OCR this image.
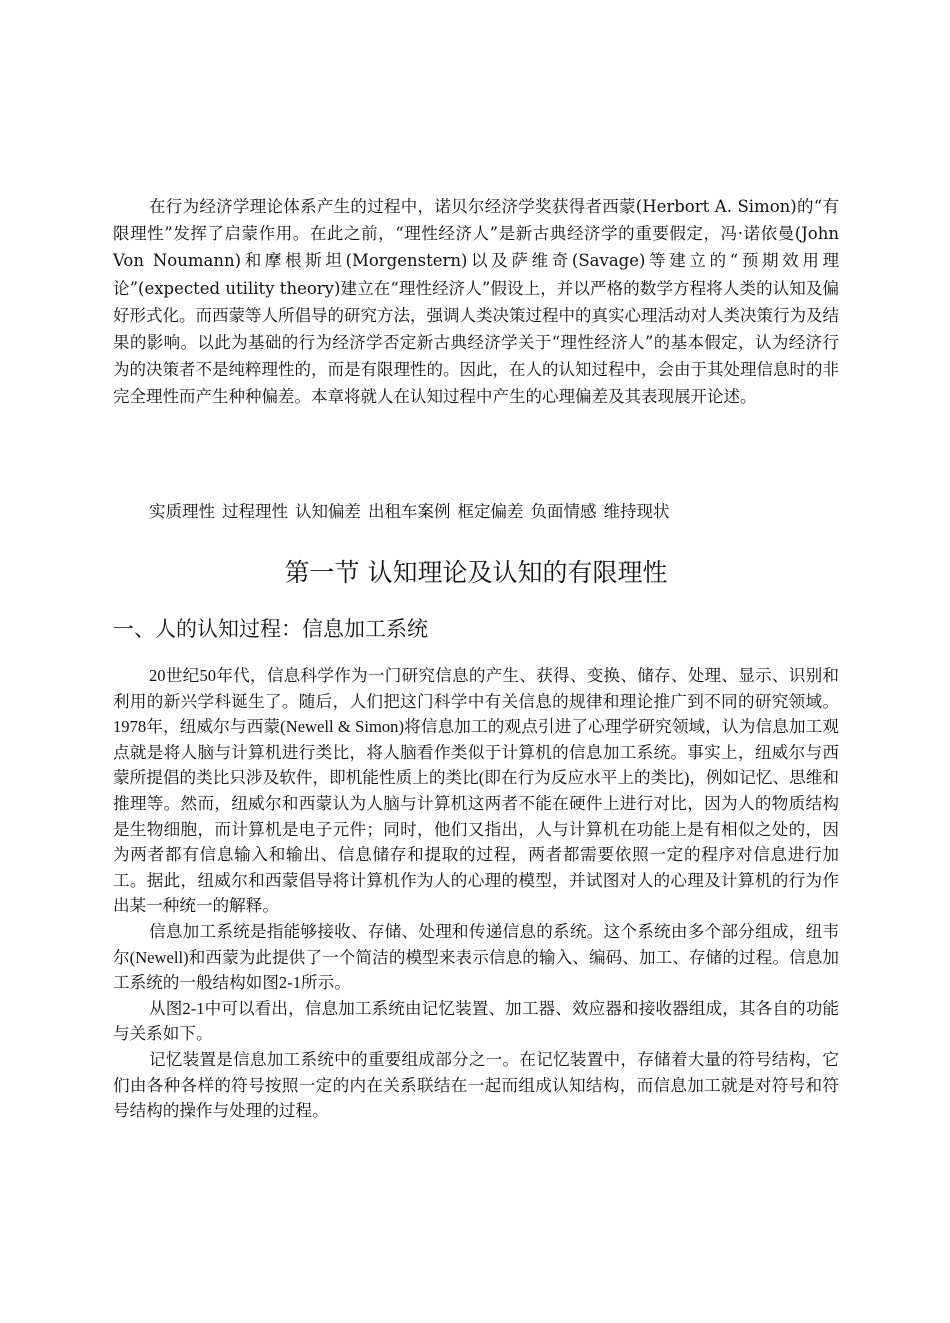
在行为经济学理论体系产生的过程中，诺贝尔经济学奖获得者西蒙(Herbort A. Simon)的“有限理性”发挥了启蒙作用。在此之前，“理性经济人”是新古典经济学的重要假定，冯·诺依曼(John Von Noumann)和摩根斯坦(Morgenstern)以及萨维奇(Savage)等建立的“预期效用理论”(expected utility theory)建立在“理性经济人”假设上，并以严格的数学方程将人类的认知及偏好形式化。而西蒙等人所倡导的研究方法，强调人类决策过程中的真实心理活动对人类决策行为及结果的影响。以此为基础的行为经济学否定新古典经济学关于“理性经济人”的基本假定，认为经济行为的决策者不是纯粹理性的，而是有限理性的。因此，在人的认知过程中，会由于其处理信息时的非完全理性而产生种种偏差。本章将就人在认知过程中产生的心理偏差及其表现展开论述。

实质理性 过程理性 认知偏差 出租车案例 框定偏差 负面情感 维持现状
第一节 认知理论及认知的有限理性
一、人的认知过程：信息加工系统

20世纪50年代，信息科学作为一门研究信息的产生、获得、变换、储存、处理、显示、识别和利用的新兴学科诞生了。随后，人们把这门科学中有关信息的规律和理论推广到不同的研究领域。1978年，纽威尔与西蒙(Newell & Simon)将信息加工的观点引进了心理学研究领域，认为信息加工观点就是将人脑与计算机进行类比，将人脑看作类似于计算机的信息加工系统。事实上，纽威尔与西蒙所提倡的类比只涉及软件，即机能性质上的类比(即在行为反应水平上的类比)，例如记忆、思维和推理等。然而，纽威尔和西蒙认为人脑与计算机这两者不能在硬件上进行对比，因为人的物质结构是生物细胞，而计算机是电子元件；同时，他们又指出，人与计算机在功能上是有相似之处的，因为两者都有信息输入和输出、信息储存和提取的过程，两者都需要依照一定的程序对信息进行加工。据此，纽威尔和西蒙倡导将计算机作为人的心理的模型，并试图对人的心理及计算机的行为作出某一种统一的解释。

信息加工系统是指能够接收、存储、处理和传递信息的系统。这个系统由多个部分组成，纽韦尔(Newell)和西蒙为此提供了一个简洁的模型来表示信息的输入、编码、加工、存储的过程。信息加工系统的一般结构如图2-1所示。

从图2-1中可以看出，信息加工系统由记忆装置、加工器、效应器和接收器组成，其各自的功能与关系如下。

记忆装置是信息加工系统中的重要组成部分之一。在记忆装置中，存储着大量的符号结构，它们由各种各样的符号按照一定的内在关系联结在一起而组成认知结构，而信息加工就是对符号和符号结构的操作与处理的过程。
